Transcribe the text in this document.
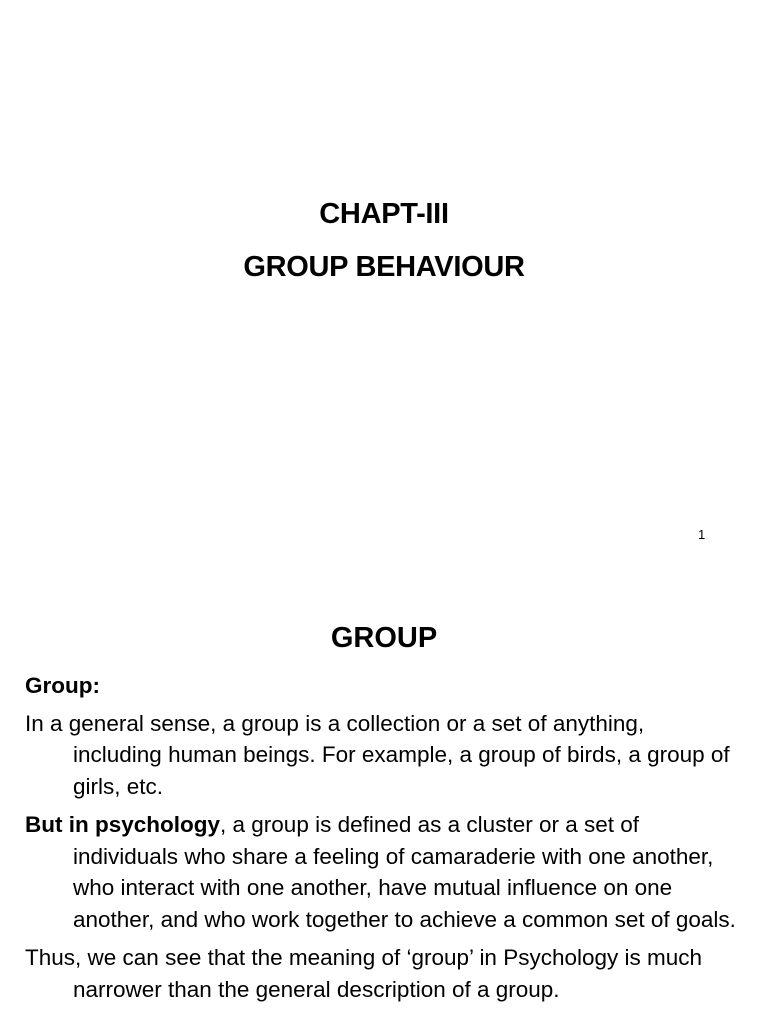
CHAPT-III
GROUP BEHAVIOUR
1
GROUP

Group:

In a general sense, a group is a collection or a set of anything, including human beings. For example, a group of birds, a group of girls, etc.

But in psychology, a group is defined as a cluster or a set of individuals who share a feeling of camaraderie with one another, who interact with one another, have mutual influence on one another, and who work together to achieve a common set of goals.

Thus, we can see that the meaning of ‘group’ in Psychology is much narrower than the general description of a group.
